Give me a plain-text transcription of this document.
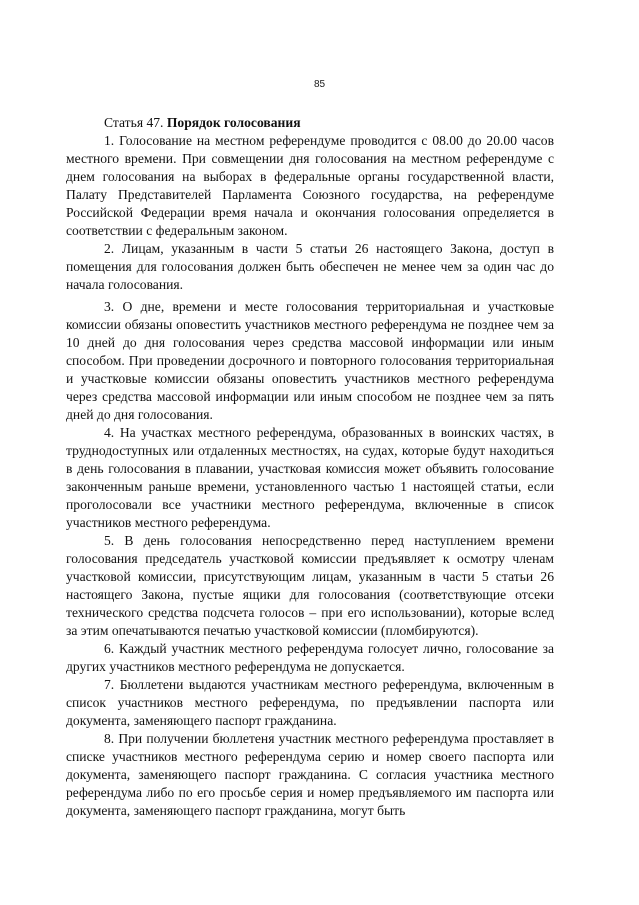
85

Статья 47. Порядок голосования

1. Голосование на местном референдуме проводится с 08.00 до 20.00 часов местного времени. При совмещении дня голосования на местном референдуме с днем голосования на выборах в федеральные органы государственной власти, Палату Представителей Парламента Союзного государства, на референдуме Российской Федерации время начала и окончания голосования определяется в соответствии с федеральным законом.

2. Лицам, указанным в части 5 статьи 26 настоящего Закона, доступ в помещения для голосования должен быть обеспечен не менее чем за один час до начала голосования.

3. О дне, времени и месте голосования территориальная и участковые комиссии обязаны оповестить участников местного референдума не позднее чем за 10 дней до дня голосования через средства массовой информации или иным способом. При проведении досрочного и повторного голосования территориальная и участковые комиссии обязаны оповестить участников местного референдума через средства массовой информации или иным способом не позднее чем за пять дней до дня голосования.

4. На участках местного референдума, образованных в воинских частях, в труднодоступных или отдаленных местностях, на судах, которые будут находиться в день голосования в плавании, участковая комиссия может объявить голосование законченным раньше времени, установленного частью 1 настоящей статьи, если проголосовали все участники местного референдума, включенные в список участников местного референдума.

5. В день голосования непосредственно перед наступлением времени голосования председатель участковой комиссии предъявляет к осмотру членам участковой комиссии, присутствующим лицам, указанным в части 5 статьи 26 настоящего Закона, пустые ящики для голосования (соответствующие отсеки технического средства подсчета голосов – при его использовании), которые вслед за этим опечатываются печатью участковой комиссии (пломбируются).

6. Каждый участник местного референдума голосует лично, голосование за других участников местного референдума не допускается.

7. Бюллетени выдаются участникам местного референдума, включенным в список участников местного референдума, по предъявлении паспорта или документа, заменяющего паспорт гражданина.

8. При получении бюллетеня участник местного референдума проставляет в списке участников местного референдума серию и номер своего паспорта или документа, заменяющего паспорт гражданина. С согласия участника местного референдума либо по его просьбе серия и номер предъявляемого им паспорта или документа, заменяющего паспорт гражданина, могут быть
